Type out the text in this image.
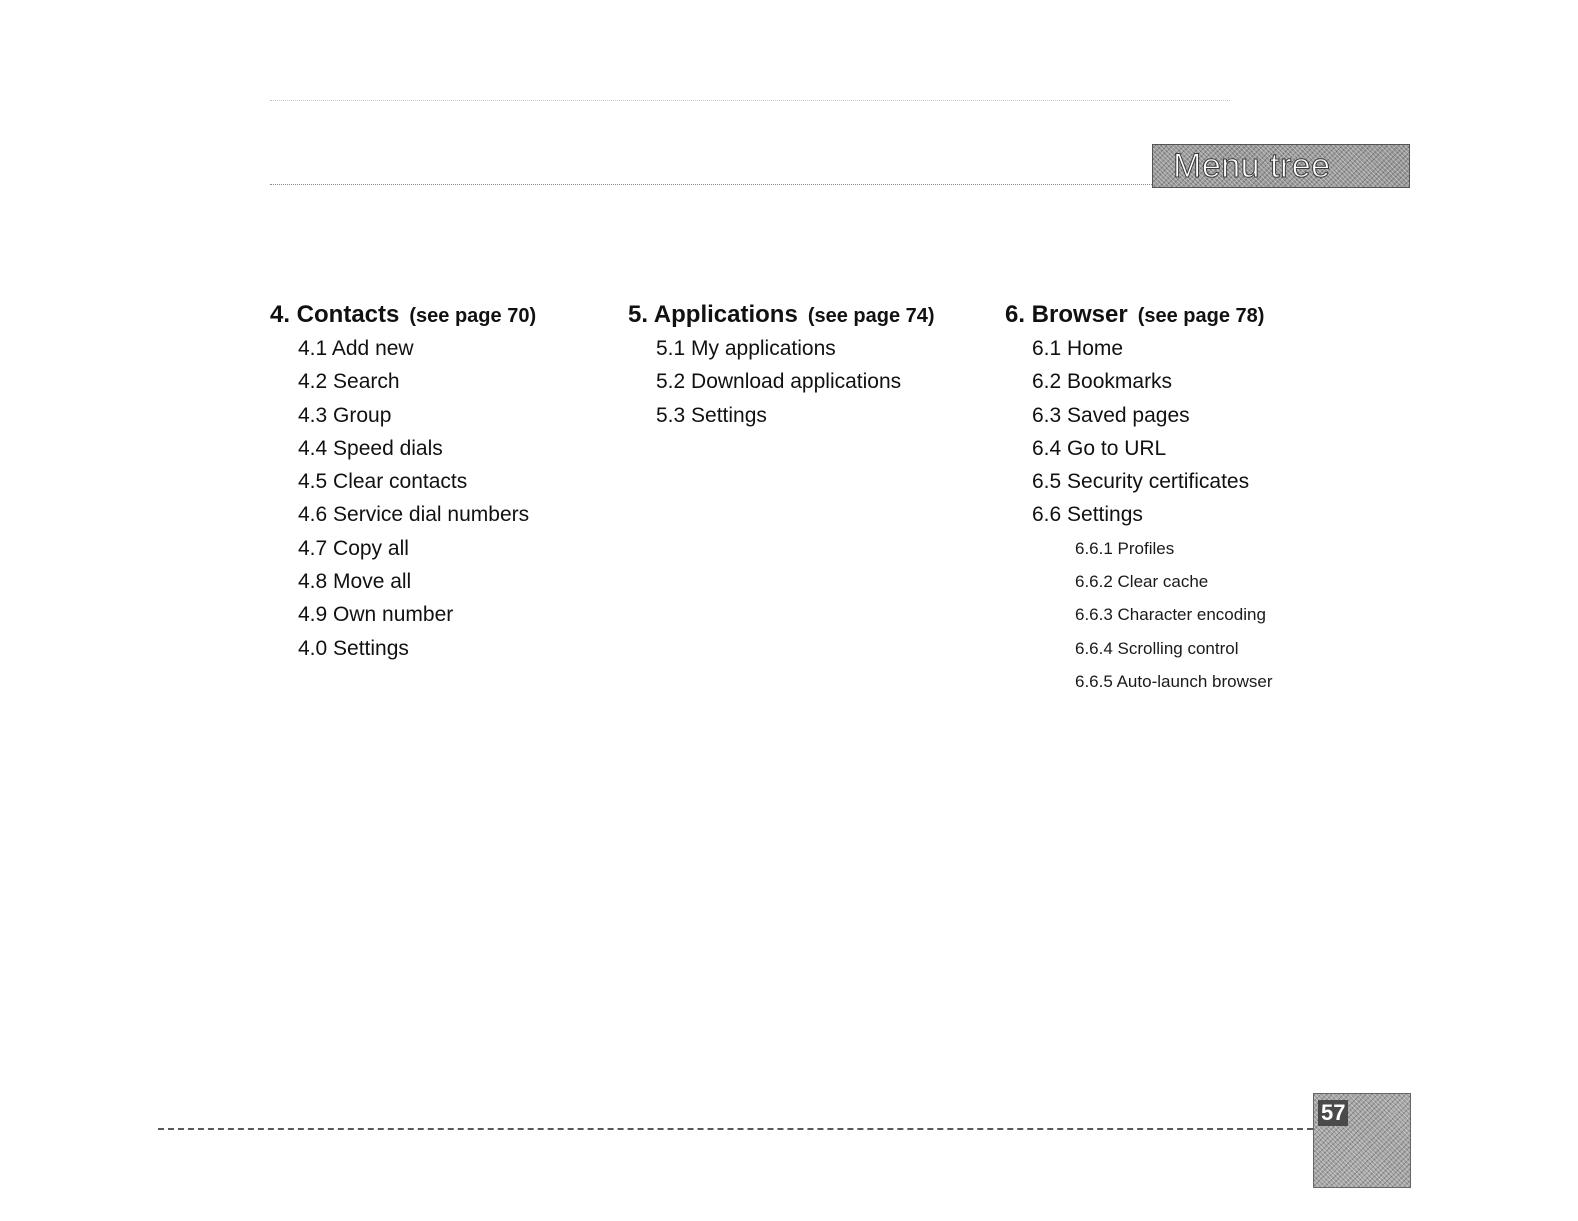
Menu tree
4. Contacts (see page 70)
4.1 Add new
4.2 Search
4.3 Group
4.4 Speed dials
4.5 Clear contacts
4.6 Service dial numbers
4.7 Copy all
4.8 Move all
4.9 Own number
4.0 Settings
5. Applications (see page 74)
5.1 My applications
5.2 Download applications
5.3 Settings
6. Browser (see page 78)
6.1 Home
6.2 Bookmarks
6.3 Saved pages
6.4 Go to URL
6.5 Security certificates
6.6 Settings
6.6.1 Profiles
6.6.2 Clear cache
6.6.3 Character encoding
6.6.4 Scrolling control
6.6.5 Auto-launch browser
57
